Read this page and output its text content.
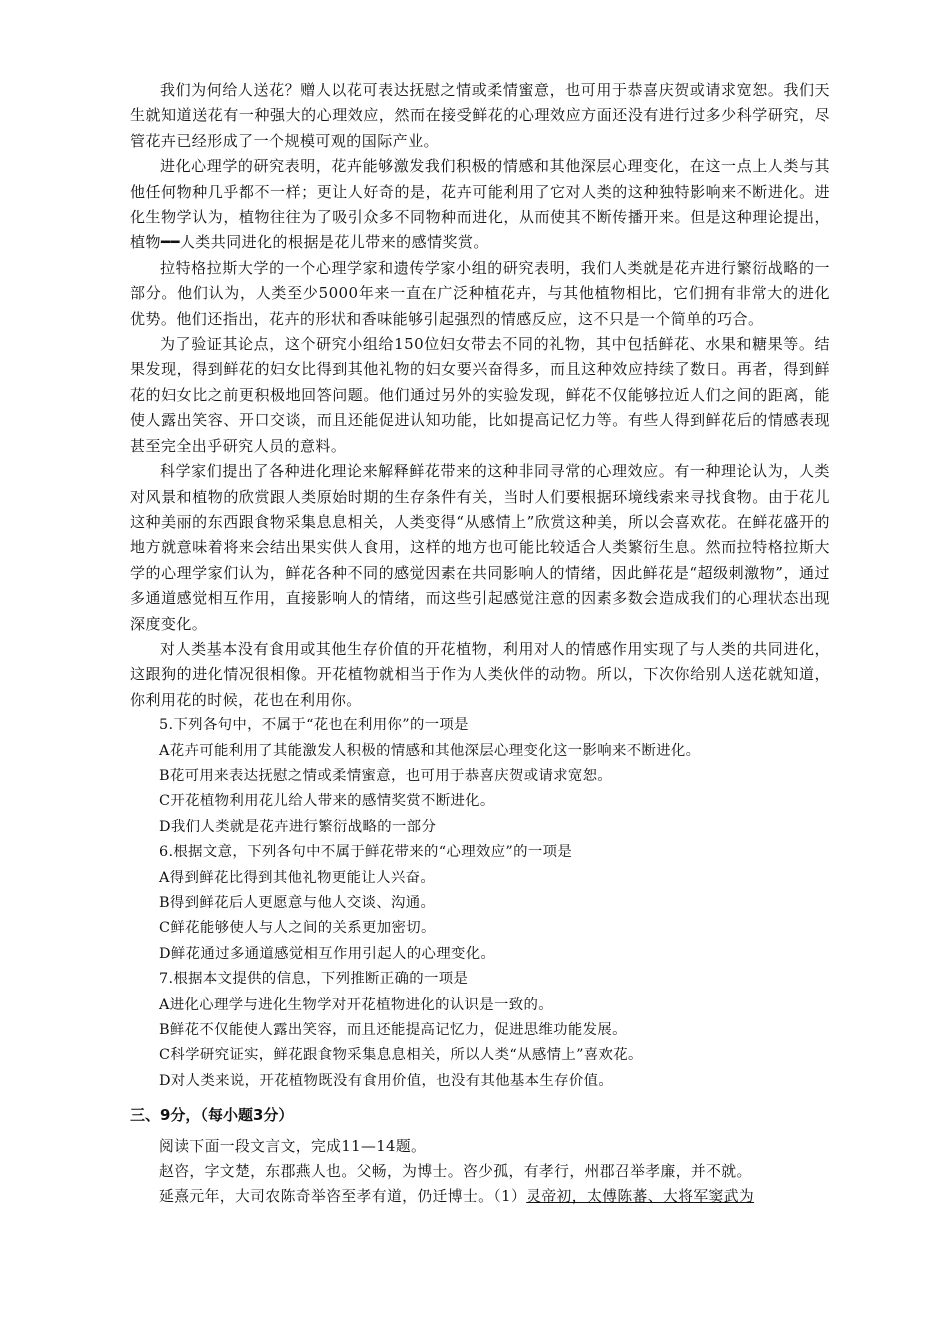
我们为何给人送花？赠人以花可表达抚慰之情或柔情蜜意，也可用于恭喜庆贺或请求宽恕。我们天生就知道送花有一种强大的心理效应，然而在接受鲜花的心理效应方面还没有进行过多少科学研究，尽管花卉已经形成了一个规模可观的国际产业。

进化心理学的研究表明，花卉能够激发我们积极的情感和其他深层心理变化，在这一点上人类与其他任何物种几乎都不一样；更让人好奇的是，花卉可能利用了它对人类的这种独特影响来不断进化。进化生物学认为，植物往往为了吸引众多不同物种而进化，从而使其不断传播开来。但是这种理论提出，植物━━人类共同进化的根据是花儿带来的感情奖赏。

拉特格拉斯大学的一个心理学家和遗传学家小组的研究表明，我们人类就是花卉进行繁衍战略的一部分。他们认为，人类至少5000年来一直在广泛种植花卉，与其他植物相比，它们拥有非常大的进化优势。他们还指出，花卉的形状和香味能够引起强烈的情感反应，这不只是一个简单的巧合。

为了验证其论点，这个研究小组给150位妇女带去不同的礼物，其中包括鲜花、水果和糖果等。结果发现，得到鲜花的妇女比得到其他礼物的妇女要兴奋得多，而且这种效应持续了数日。再者，得到鲜花的妇女比之前更积极地回答问题。他们通过另外的实验发现，鲜花不仅能够拉近人们之间的距离，能使人露出笑容、开口交谈，而且还能促进认知功能，比如提高记忆力等。有些人得到鲜花后的情感表现甚至完全出乎研究人员的意料。

科学家们提出了各种进化理论来解释鲜花带来的这种非同寻常的心理效应。有一种理论认为，人类对风景和植物的欣赏跟人类原始时期的生存条件有关，当时人们要根据环境线索来寻找食物。由于花儿这种美丽的东西跟食物采集息息相关，人类变得“从感情上”欣赏这种美，所以会喜欢花。在鲜花盛开的地方就意味着将来会结出果实供人食用，这样的地方也可能比较适合人类繁衍生息。然而拉特格拉斯大学的心理学家们认为，鲜花各种不同的感觉因素在共同影响人的情绪，因此鲜花是“超级刺激物”，通过多通道感觉相互作用，直接影响人的情绪，而这些引起感觉注意的因素多数会造成我们的心理状态出现深度变化。

对人类基本没有食用或其他生存价值的开花植物，利用对人的情感作用实现了与人类的共同进化，这跟狗的进化情况很相像。开花植物就相当于作为人类伙伴的动物。所以，下次你给别人送花就知道，你利用花的时候，花也在利用你。

5.下列各句中，不属于“花也在利用你”的一项是

A花卉可能利用了其能激发人积极的情感和其他深层心理变化这一影响来不断进化。

B花可用来表达抚慰之情或柔情蜜意，也可用于恭喜庆贺或请求宽恕。

C开花植物利用花儿给人带来的感情奖赏不断进化。

D我们人类就是花卉进行繁衍战略的一部分

6.根据文意，下列各句中不属于鲜花带来的“心理效应”的一项是

A得到鲜花比得到其他礼物更能让人兴奋。

B得到鲜花后人更愿意与他人交谈、沟通。

C鲜花能够使人与人之间的关系更加密切。

D鲜花通过多通道感觉相互作用引起人的心理变化。

7.根据本文提供的信息，下列推断正确的一项是

A进化心理学与进化生物学对开花植物进化的认识是一致的。

B鲜花不仅能使人露出笑容，而且还能提高记忆力，促进思维功能发展。

C科学研究证实，鲜花跟食物采集息息相关，所以人类“从感情上”喜欢花。

D对人类来说，开花植物既没有食用价值，也没有其他基本生存价值。

三、9分，（每小题3分）

阅读下面一段文言文，完成11—14题。

赵咨，字文楚，东郡燕人也。父畅，为博士。咨少孤，有孝行，州郡召举孝廉，并不就。

延熹元年，大司农陈奇举咨至孝有道，仍迁博士。（1）灵帝初，太傅陈蕃、大将军窦武为
